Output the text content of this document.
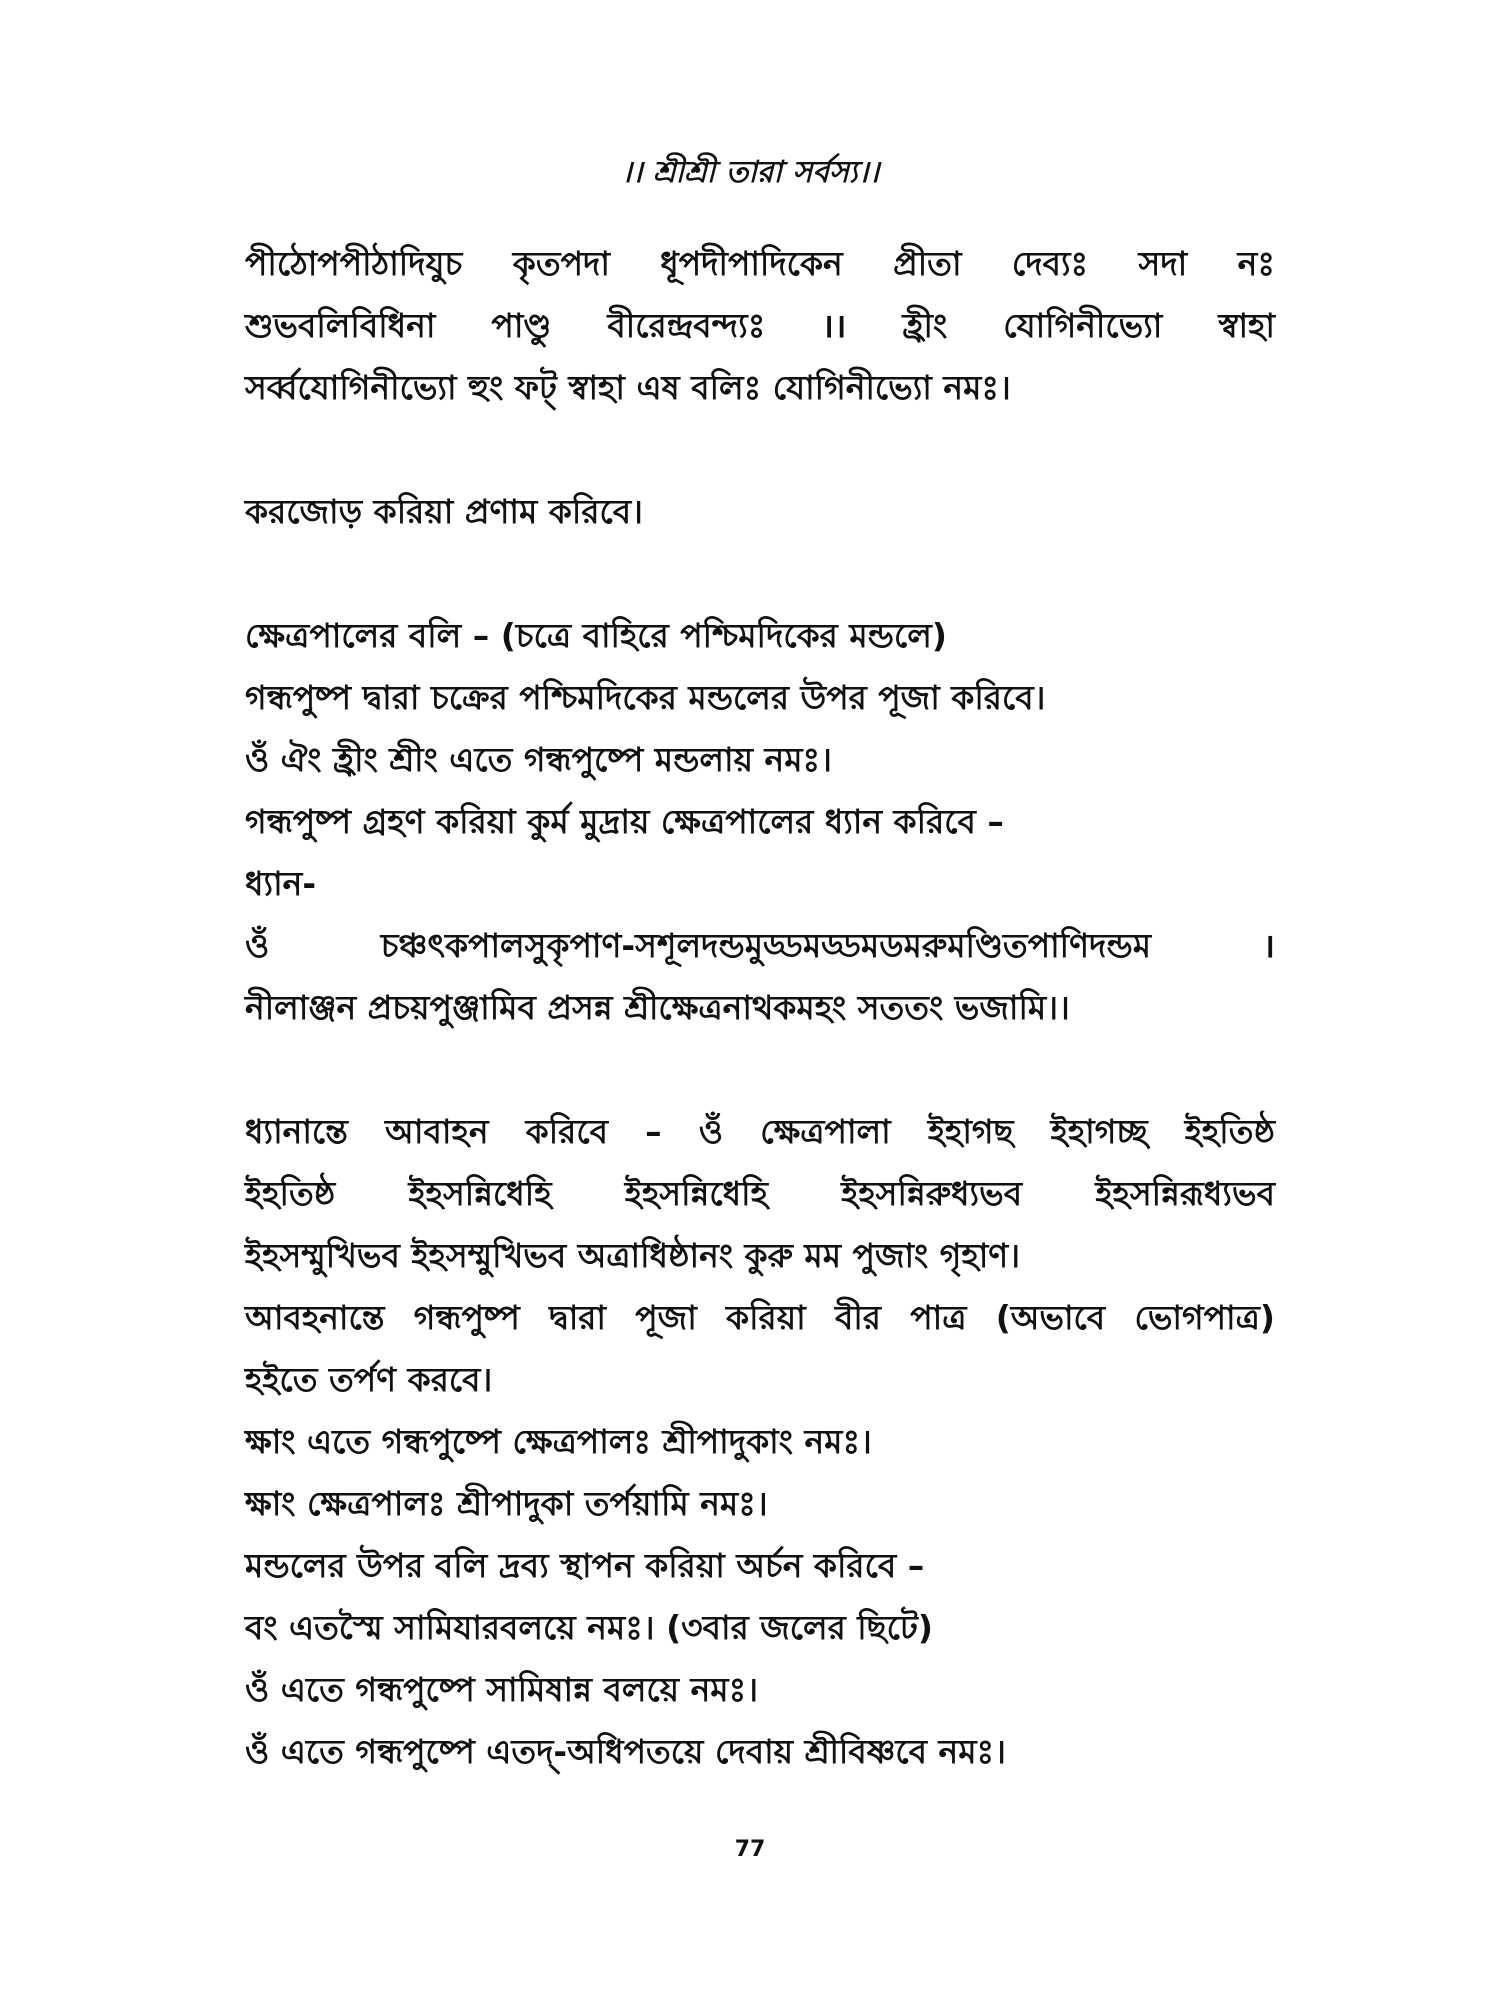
।। শ্রীশ্রী তারা সর্বস্য।।
পীঠোপপীঠাদিযুচ কৃতপদা ধূপদীপাদিকেন প্রীতা দেব্যঃ সদা নঃ
শুভবলিবিধিনা পাণ্ডু বীরেন্দ্রবন্দ্যঃ ।। হ্রীং যোগিনীভ্যো স্বাহা
সর্ব্বযোগিনীভ্যো হুং ফট্ স্বাহা এষ বলিঃ যোগিনীভ্যো নমঃ।
করজোড় করিয়া প্রণাম করিবে।
ক্ষেত্রপালের বলি – (চত্রে বাহিরে পশ্চিমদিকের মন্ডলে)
গন্ধপুষ্প দ্বারা চক্রের পশ্চিমদিকের মন্ডলের উপর পূজা করিবে।
ওঁ ঐং হ্রীং শ্রীং এতে গন্ধপুষ্পে মন্ডলায় নমঃ।
গন্ধপুষ্প গ্রহণ করিয়া কুর্ম মুদ্রায় ক্ষেত্রপালের ধ্যান করিবে –
ধ্যান-
ওঁ	চঞ্চৎকপালসুকৃপাণ-সশূলদন্ডমুড্ডমড্ডমডমরুমণ্ডিতপাণিদন্ডম	।
নীলাঞ্জন প্রচয়পুঞ্জামিব প্রসন্ন শ্রীক্ষেত্রনাথকমহং সততং ভজামি।।
ধ্যানান্তে আবাহন করিবে – ওঁ ক্ষেত্রপালা ইহাগছ ইহাগচ্ছ ইহতিষ্ঠ
ইহতিষ্ঠ ইহসন্নিধেহি ইহসন্নিধেহি ইহসন্নিরুধ্যভব ইহসন্নিরূধ্যভব
ইহসম্মুখিভব ইহসম্মুখিভব অত্রাধিষ্ঠানং কুরু মম পুজাং গৃহাণ।
আবহনান্তে গন্ধপুষ্প দ্বারা পূজা করিয়া বীর পাত্র (অভাবে ভোগপাত্র)
হইতে তর্পণ করবে।
ক্ষাং এতে গন্ধপুষ্পে ক্ষেত্রপালঃ শ্রীপাদুকাং নমঃ।
ক্ষাং ক্ষেত্রপালঃ শ্রীপাদুকা তর্পয়ামি নমঃ।
মন্ডলের উপর বলি দ্রব্য স্থাপন করিয়া অর্চন করিবে –
বং এতস্মৈ সামিযারবলয়ে নমঃ। (৩বার জলের ছিটে)
ওঁ এতে গন্ধপুষ্পে সামিষান্ন বলয়ে নমঃ।
ওঁ এতে গন্ধপুষ্পে এতদ্-অধিপতয়ে দেবায় শ্রীবিষ্ণবে নমঃ।
77
